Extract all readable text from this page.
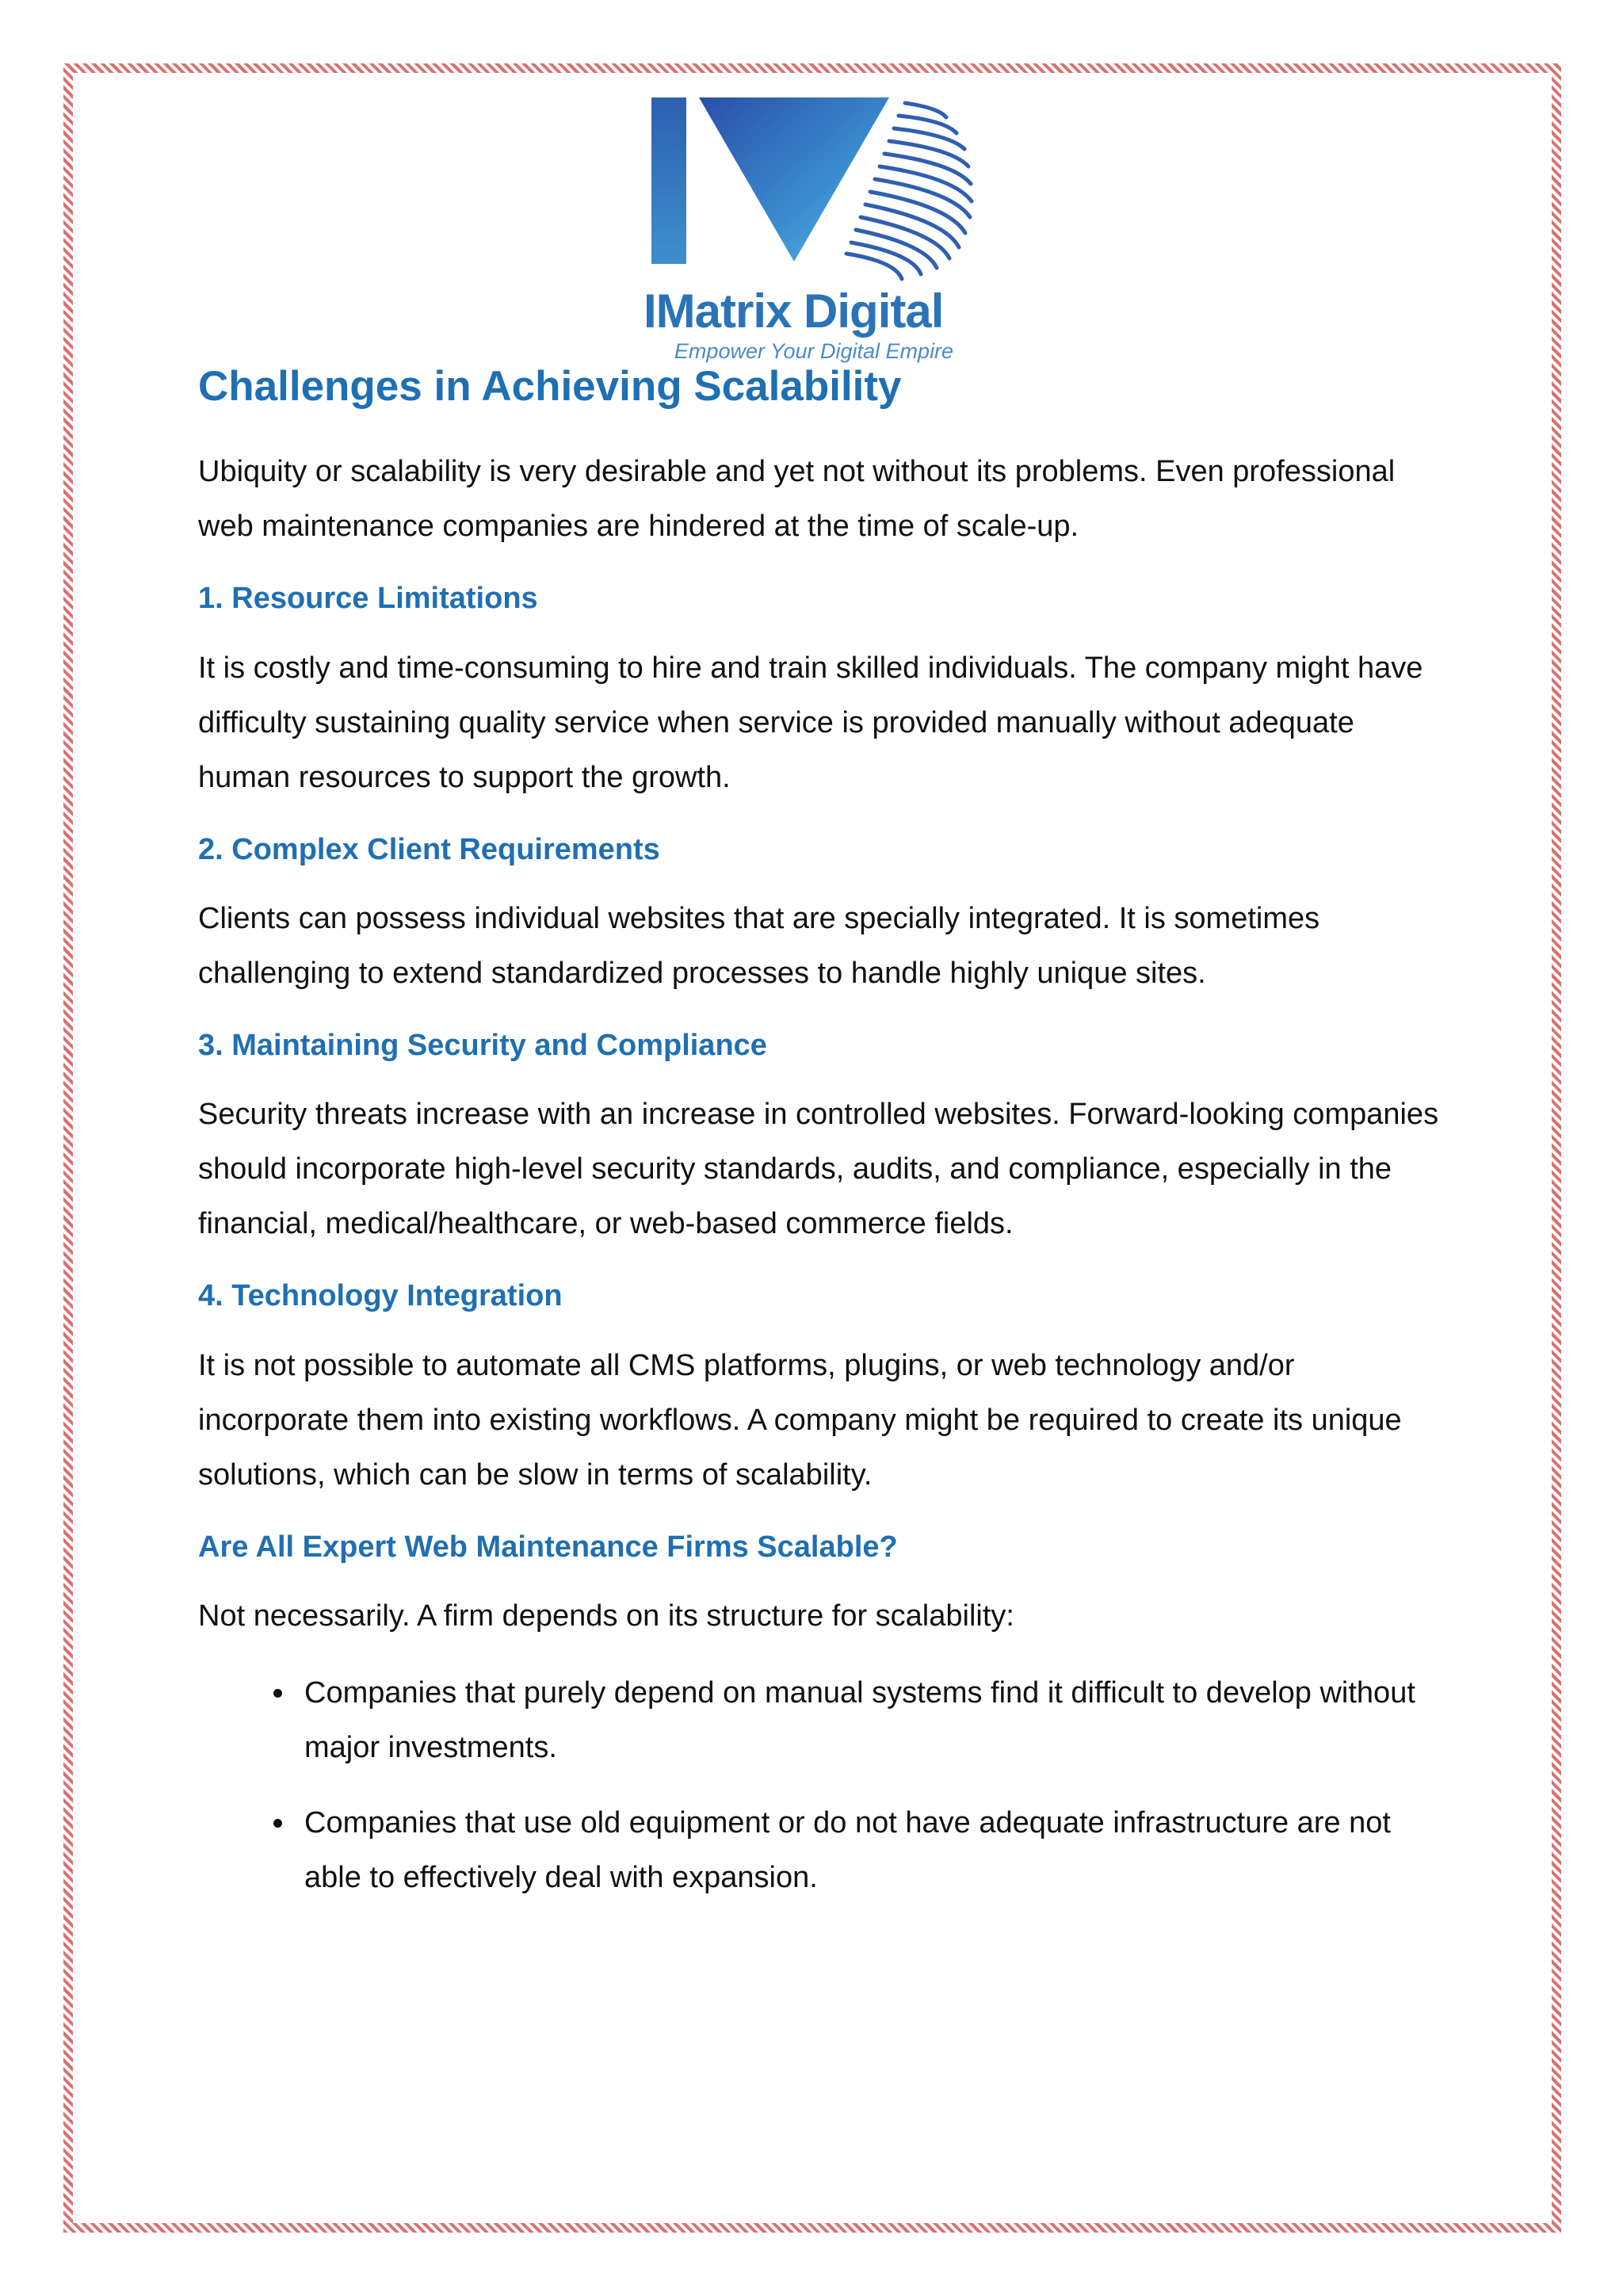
IMatrix Digital
Empower Your Digital Empire
Challenges in Achieving Scalability

Ubiquity or scalability is very desirable and yet not without its problems. Even professional web maintenance companies are hindered at the time of scale-up.

1. Resource Limitations

It is costly and time-consuming to hire and train skilled individuals. The company might have difficulty sustaining quality service when service is provided manually without adequate human resources to support the growth.

2. Complex Client Requirements

Clients can possess individual websites that are specially integrated. It is sometimes challenging to extend standardized processes to handle highly unique sites.

3. Maintaining Security and Compliance

Security threats increase with an increase in controlled websites. Forward-looking companies should incorporate high-level security standards, audits, and compliance, especially in the financial, medical/healthcare, or web-based commerce fields.

4. Technology Integration

It is not possible to automate all CMS platforms, plugins, or web technology and/or incorporate them into existing workflows. A company might be required to create its unique solutions, which can be slow in terms of scalability.

Are All Expert Web Maintenance Firms Scalable?

Not necessarily. A firm depends on its structure for scalability:

• Companies that purely depend on manual systems find it difficult to develop without major investments.
• Companies that use old equipment or do not have adequate infrastructure are not able to effectively deal with expansion.
